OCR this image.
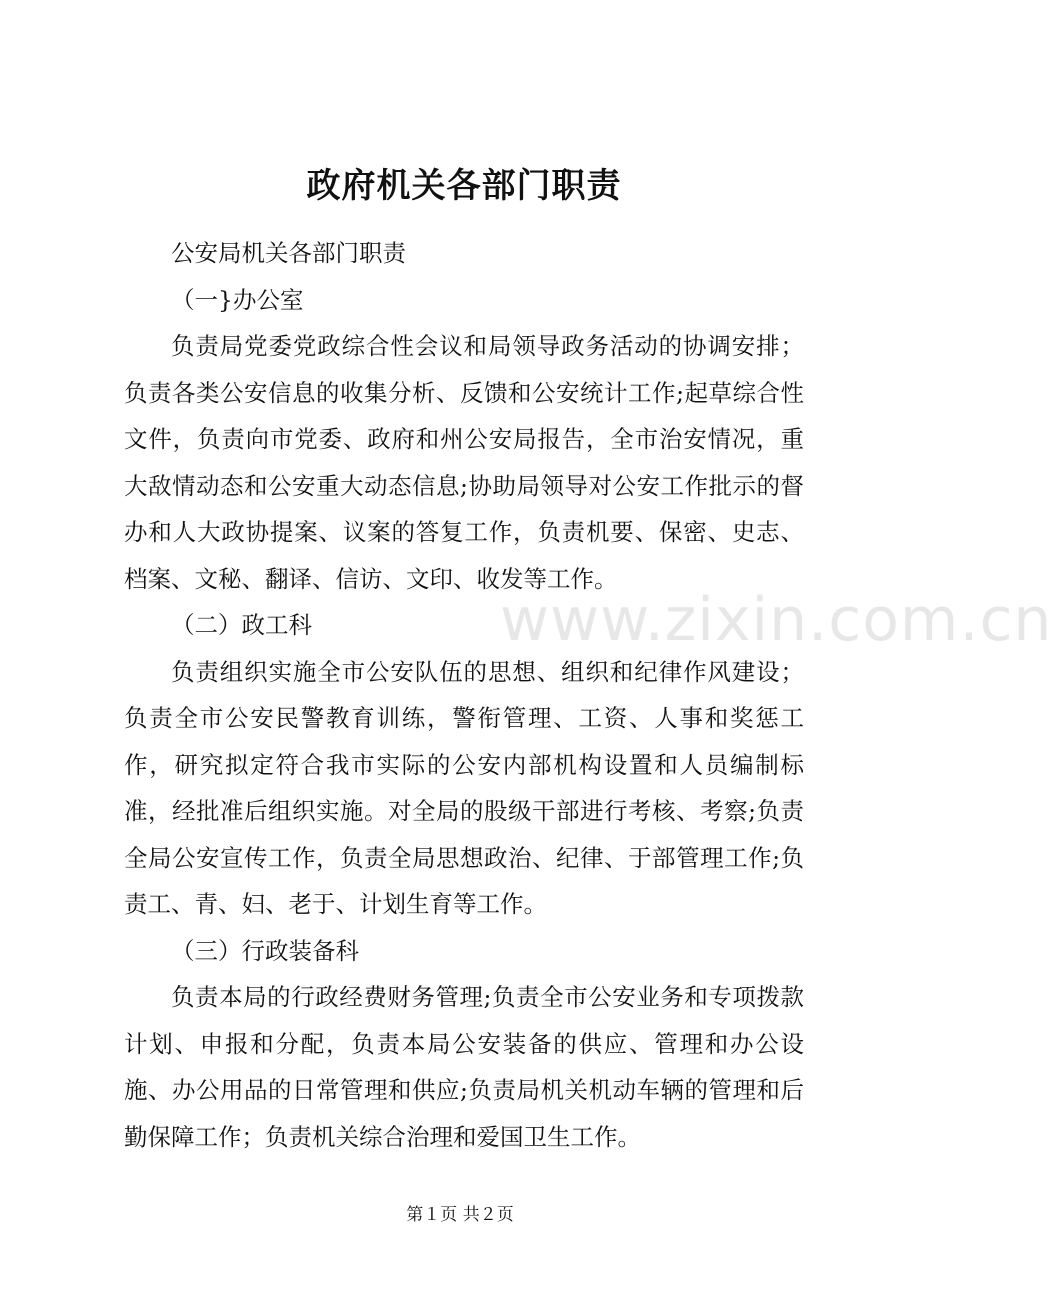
www.zixin.com.cn
政府机关各部门职责

公安局机关各部门职责

（一}办公室

负责局党委党政综合性会议和局领导政务活动的协调安排；负责各类公安信息的收集分析、反馈和公安统计工作;起草综合性文件，负责向市党委、政府和州公安局报告，全市治安情况，重大敌情动态和公安重大动态信息;协助局领导对公安工作批示的督办和人大政协提案、议案的答复工作，负责机要、保密、史志、档案、文秘、翻译、信访、文印、收发等工作。

（二）政工科

负责组织实施全市公安队伍的思想、组织和纪律作风建设；负责全市公安民警教育训练，警衔管理、工资、人事和奖惩工作，研究拟定符合我市实际的公安内部机构设置和人员编制标准，经批准后组织实施。对全局的股级干部进行考核、考察;负责全局公安宣传工作，负责全局思想政治、纪律、于部管理工作;负责工、青、妇、老于、计划生育等工作。

（三）行政装备科

负责本局的行政经费财务管理;负责全市公安业务和专项拨款计划、申报和分配，负责本局公安装备的供应、管理和办公设施、办公用品的日常管理和供应;负责局机关机动车辆的管理和后勤保障工作；负责机关综合治理和爱国卫生工作。

第１页 共２页
